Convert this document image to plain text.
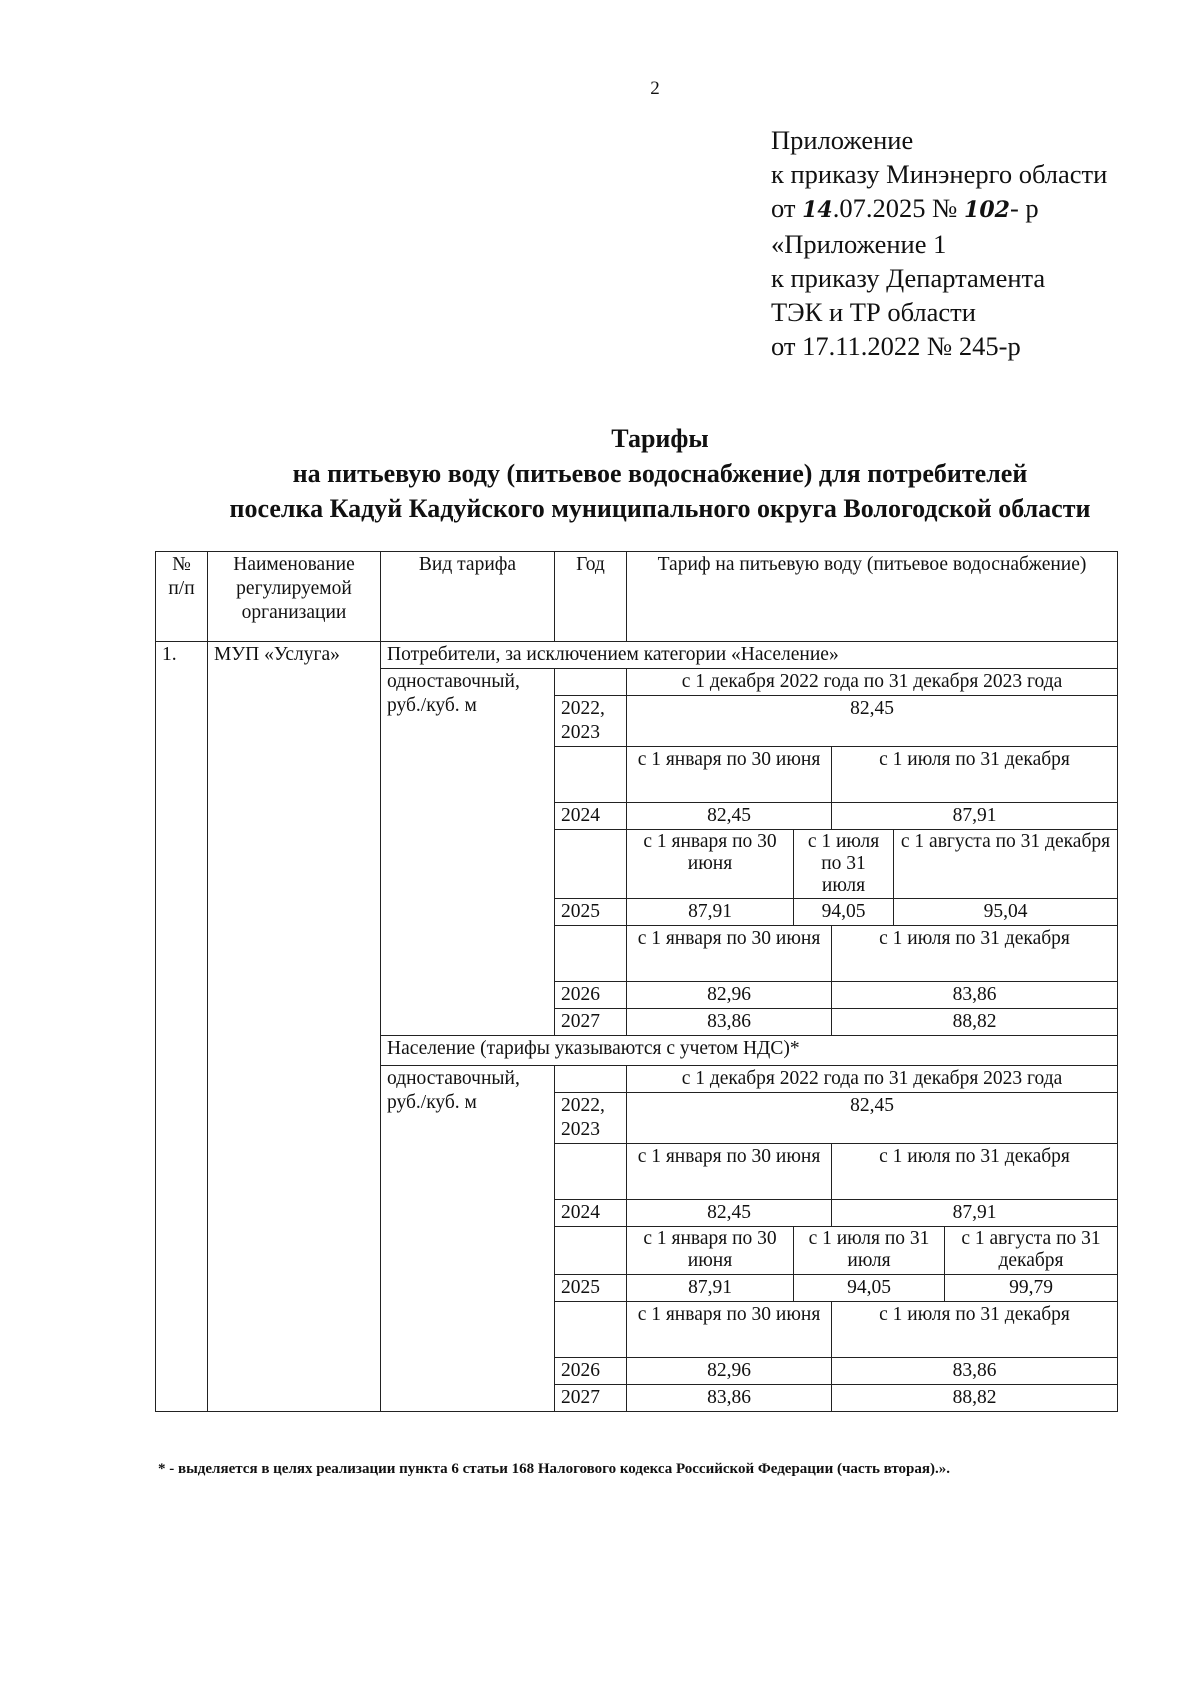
2
Приложение
к приказу Минэнерго области
от 14.07.2025 № 102- р
«Приложение 1
к приказу Департамента
ТЭК и ТР области
от 17.11.2022 № 245-р
Тарифы
на питьевую воду (питьевое водоснабжение) для потребителей
поселка Кадуй Кадуйского муниципального округа Вологодской области
№ п/п	Наименование регулируемой организации	Вид тарифа	Год	Тариф на питьевую воду (питьевое водоснабжение)				
1.	МУП «Услуга»	Потребители, за исключением категории «Население»						
		одноставочный, руб./куб. м		с 1 декабря 2022 года по 31 декабря 2023 года				
			2022, 2023	82,45				
				с 1 января по 30 июня		с 1 июля по 31 декабря		
			2024	82,45		87,91		
				с 1 января по 30 июня	с 1 июля по 31 июля		с 1 августа по 31 декабря	
			2025	87,91	94,05		95,04	
				с 1 января по 30 июня		с 1 июля по 31 декабря		
			2026	82,96		83,86		
			2027	83,86		88,82		
		Население (тарифы указываются с учетом НДС)*						
		одноставочный, руб./куб. м		с 1 декабря 2022 года по 31 декабря 2023 года				
			2022, 2023	82,45				
				с 1 января по 30 июня		с 1 июля по 31 декабря		
			2024	82,45		87,91		
				с 1 января по 30 июня	с 1 июля по 31 июля			с 1 августа по 31 декабря
			2025	87,91	94,05			99,79
				с 1 января по 30 июня		с 1 июля по 31 декабря		
			2026	82,96		83,86		
			2027	83,86		88,82		
* - выделяется в целях реализации пункта 6 статьи 168 Налогового кодекса Российской Федерации (часть вторая).».
